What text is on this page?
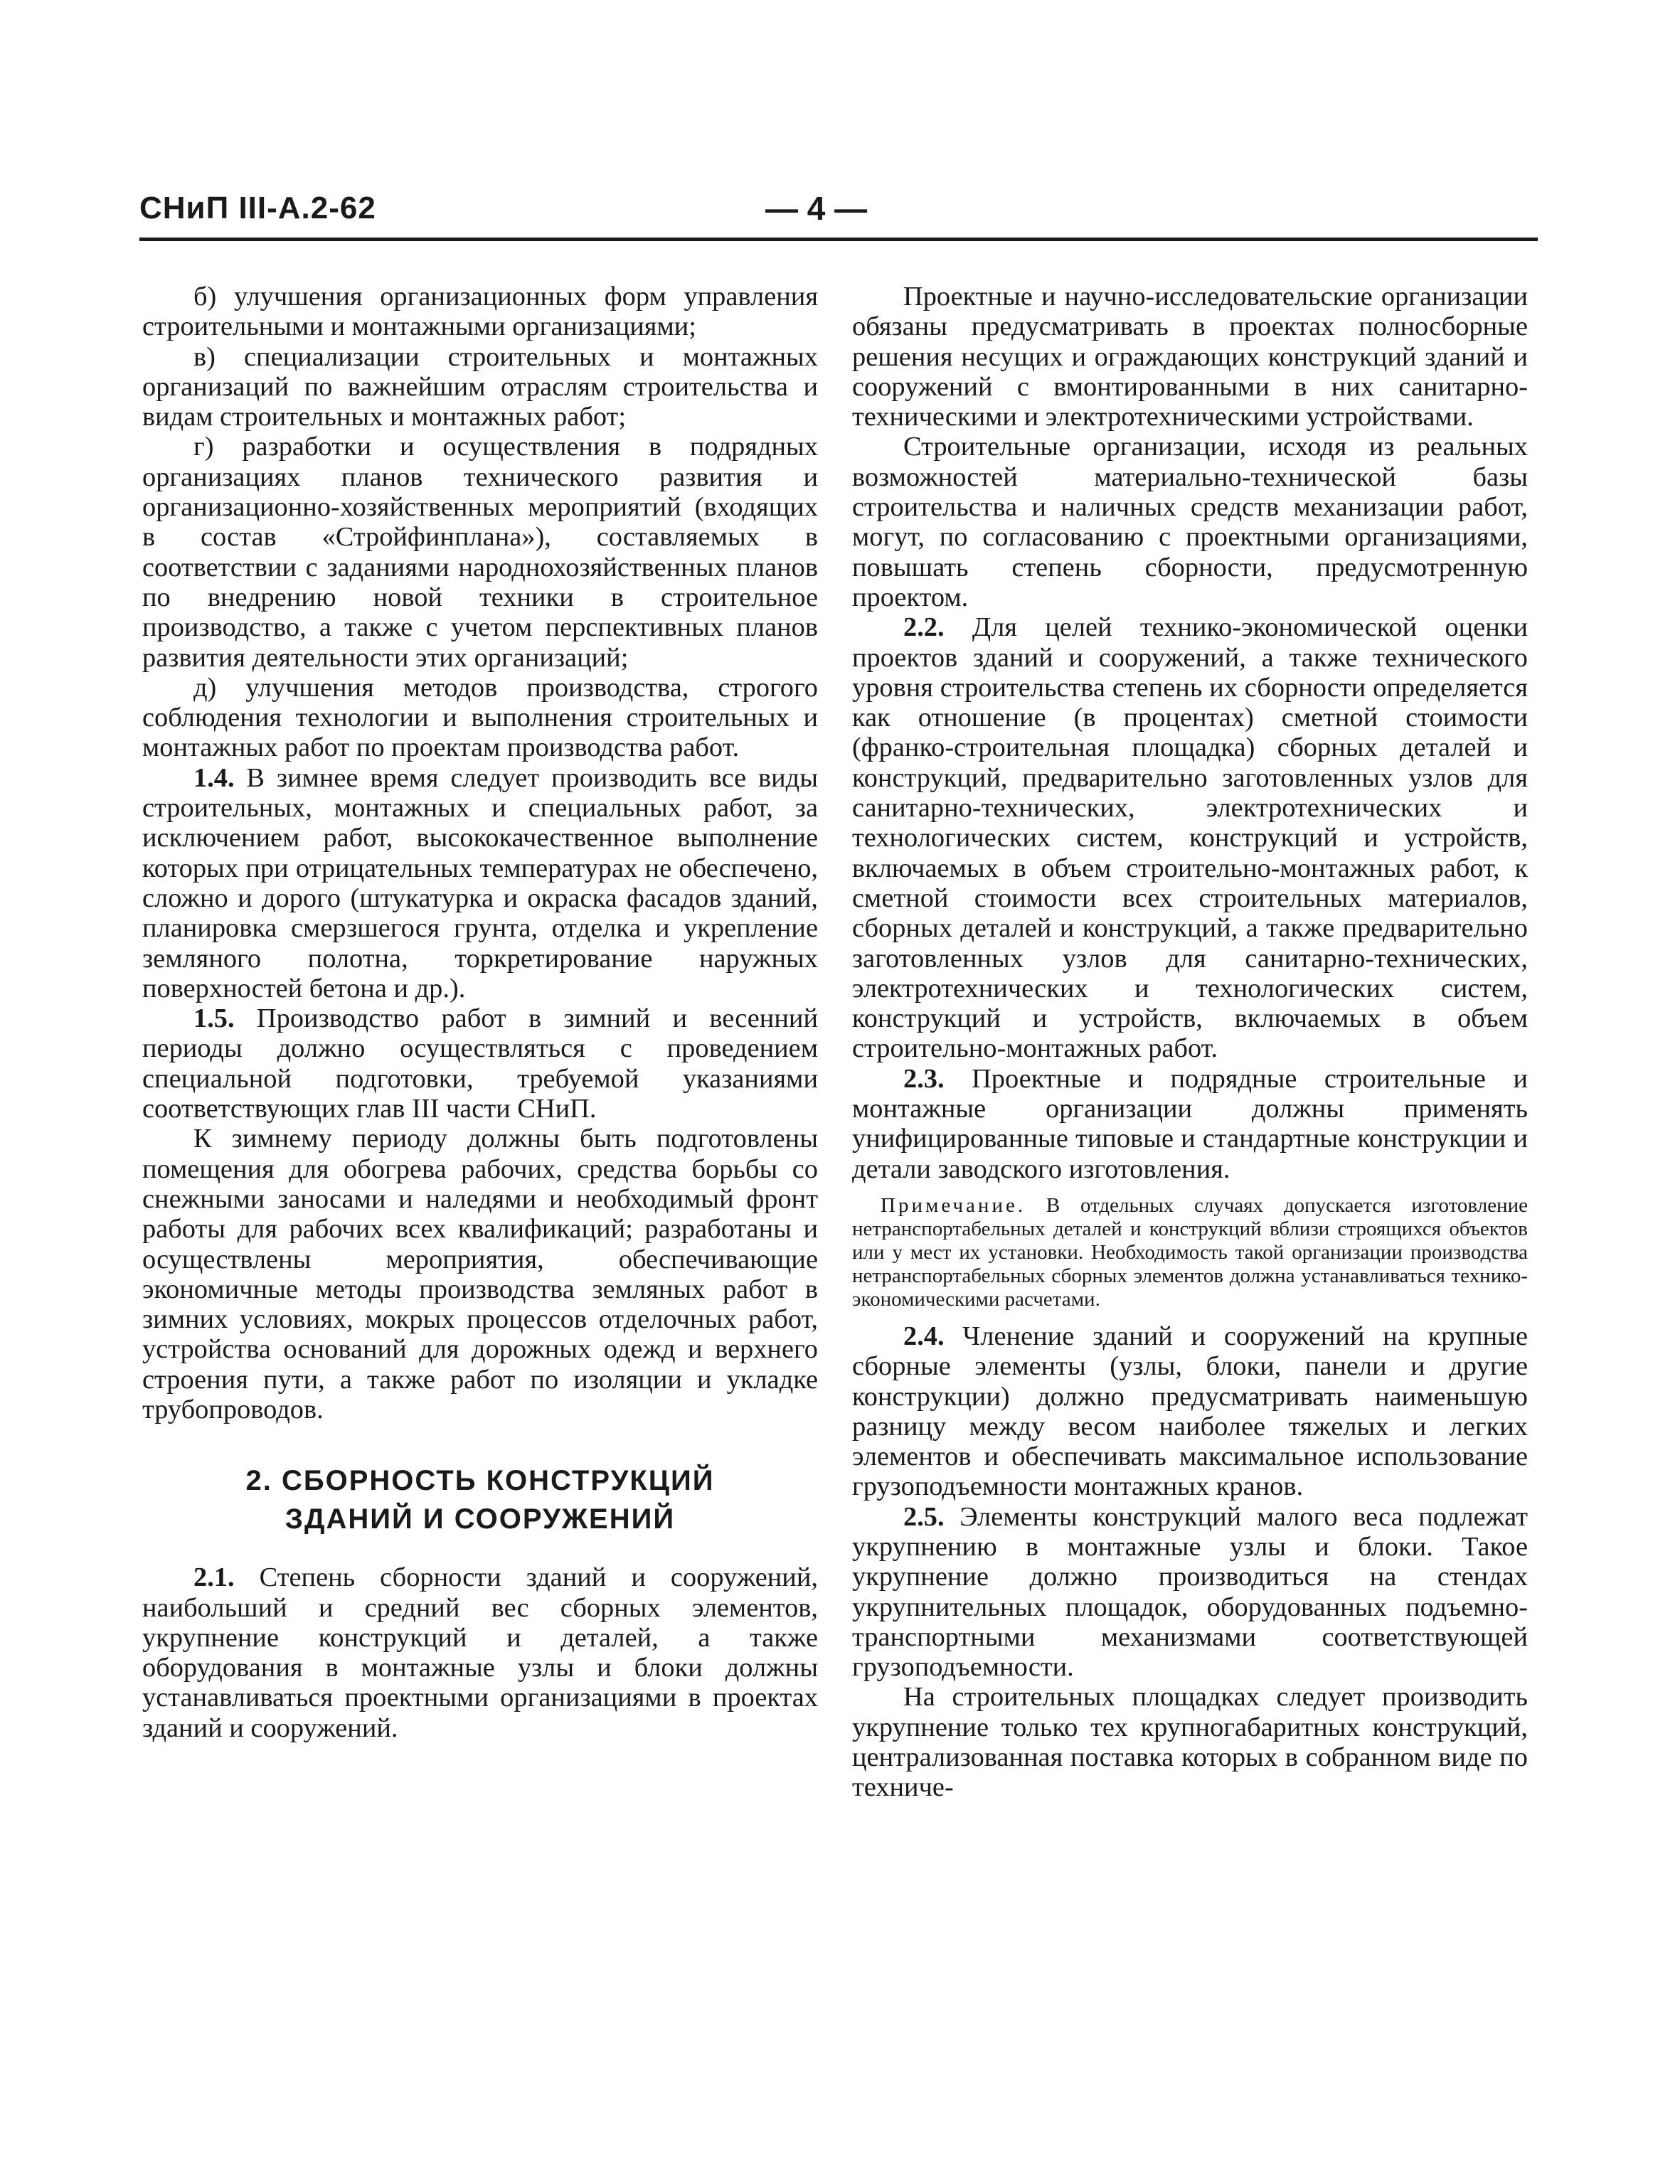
СНиП III-А.2-62	— 4 —

б) улучшения организационных форм управления строительными и монтажными организациями;

в) специализации строительных и монтажных организаций по важнейшим отраслям строительства и видам строительных и монтажных работ;

г) разработки и осуществления в подрядных организациях планов технического развития и организационно-хозяйственных мероприятий (входящих в состав «Стройфинплана»), составляемых в соответствии с заданиями народнохозяйственных планов по внедрению новой техники в строительное производство, а также с учетом перспективных планов развития деятельности этих организаций;

д) улучшения методов производства, строгого соблюдения технологии и выполнения строительных и монтажных работ по проектам производства работ.

1.4. В зимнее время следует производить все виды строительных, монтажных и специальных работ, за исключением работ, высококачественное выполнение которых при отрицательных температурах не обеспечено, сложно и дорого (штукатурка и окраска фасадов зданий, планировка смерзшегося грунта, отделка и укрепление земляного полотна, торкретирование наружных поверхностей бетона и др.).

1.5. Производство работ в зимний и весенний периоды должно осуществляться с проведением специальной подготовки, требуемой указаниями соответствующих глав III части СНиП.

К зимнему периоду должны быть подготовлены помещения для обогрева рабочих, средства борьбы со снежными заносами и наледями и необходимый фронт работы для рабочих всех квалификаций; разработаны и осуществлены мероприятия, обеспечивающие экономичные методы производства земляных работ в зимних условиях, мокрых процессов отделочных работ, устройства оснований для дорожных одежд и верхнего строения пути, а также работ по изоляции и укладке трубопроводов.

2. СБОРНОСТЬ КОНСТРУКЦИЙ
ЗДАНИЙ И СООРУЖЕНИЙ

2.1. Степень сборности зданий и сооружений, наибольший и средний вес сборных элементов, укрупнение конструкций и деталей, а также оборудования в монтажные узлы и блоки должны устанавливаться проектными организациями в проектах зданий и сооружений.

Проектные и научно-исследовательские организации обязаны предусматривать в проектах полносборные решения несущих и ограждающих конструкций зданий и сооружений с вмонтированными в них санитарно-техническими и электротехническими устройствами.

Строительные организации, исходя из реальных возможностей материально-технической базы строительства и наличных средств механизации работ, могут, по согласованию с проектными организациями, повышать степень сборности, предусмотренную проектом.

2.2. Для целей технико-экономической оценки проектов зданий и сооружений, а также технического уровня строительства степень их сборности определяется как отношение (в процентах) сметной стоимости (франко-строительная площадка) сборных деталей и конструкций, предварительно заготовленных узлов для санитарно-технических, электротехнических и технологических систем, конструкций и устройств, включаемых в объем строительно-монтажных работ, к сметной стоимости всех строительных материалов, сборных деталей и конструкций, а также предварительно заготовленных узлов для санитарно-технических, электротехнических и технологических систем, конструкций и устройств, включаемых в объем строительно-монтажных работ.

2.3. Проектные и подрядные строительные и монтажные организации должны применять унифицированные типовые и стандартные конструкции и детали заводского изготовления.

Примечание. В отдельных случаях допускается изготовление нетранспортабельных деталей и конструкций вблизи строящихся объектов или у мест их установки. Необходимость такой организации производства нетранспортабельных сборных элементов должна устанавливаться технико-экономическими расчетами.

2.4. Членение зданий и сооружений на крупные сборные элементы (узлы, блоки, панели и другие конструкции) должно предусматривать наименьшую разницу между весом наиболее тяжелых и легких элементов и обеспечивать максимальное использование грузоподъемности монтажных кранов.

2.5. Элементы конструкций малого веса подлежат укрупнению в монтажные узлы и блоки. Такое укрупнение должно производиться на стендах укрупнительных площадок, оборудованных подъемно-транспортными механизмами соответствующей грузоподъемности.

На строительных площадках следует производить укрупнение только тех крупногабаритных конструкций, централизованная поставка которых в собранном виде по техниче-
